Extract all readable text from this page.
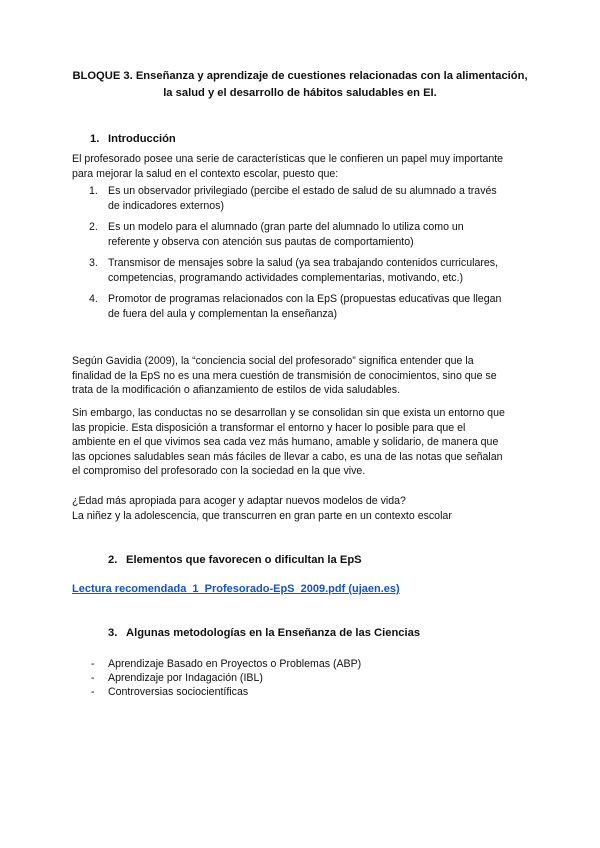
BLOQUE 3. Enseñanza y aprendizaje de cuestiones relacionadas con la alimentación,
la salud y el desarrollo de hábitos saludables en EI.
1. Introducción
El profesorado posee una serie de características que le confieren un papel muy importante
para mejorar la salud en el contexto escolar, puesto que:
1. Es un observador privilegiado (percibe el estado de salud de su alumnado a través
de indicadores externos)
2. Es un modelo para el alumnado (gran parte del alumnado lo utiliza como un
referente y observa con atención sus pautas de comportamiento)
3. Transmisor de mensajes sobre la salud (ya sea trabajando contenidos curriculares,
competencias, programando actividades complementarias, motivando, etc.)
4. Promotor de programas relacionados con la EpS (propuestas educativas que llegan
de fuera del aula y complementan la enseñanza)
Según Gavidia (2009), la “conciencia social del profesorado” significa entender que la
finalidad de la EpS no es una mera cuestión de transmisión de conocimientos, sino que se
trata de la modificación o afianzamiento de estilos de vida saludables.
Sin embargo, las conductas no se desarrollan y se consolidan sin que exista un entorno que
las propicie. Esta disposición a transformar el entorno y hacer lo posible para que el
ambiente en el que vivimos sea cada vez más humano, amable y solidario, de manera que
las opciones saludables sean más fáciles de llevar a cabo, es una de las notas que señalan
el compromiso del profesorado con la sociedad en la que vive.
¿Edad más apropiada para acoger y adaptar nuevos modelos de vida?
La niñez y la adolescencia, que transcurren en gran parte en un contexto escolar
2. Elementos que favorecen o dificultan la EpS
Lectura recomendada_1_Profesorado-EpS_2009.pdf (ujaen.es)
3. Algunas metodologías en la Enseñanza de las Ciencias
- Aprendizaje Basado en Proyectos o Problemas (ABP)
- Aprendizaje por Indagación (IBL)
- Controversias sociocientíficas
